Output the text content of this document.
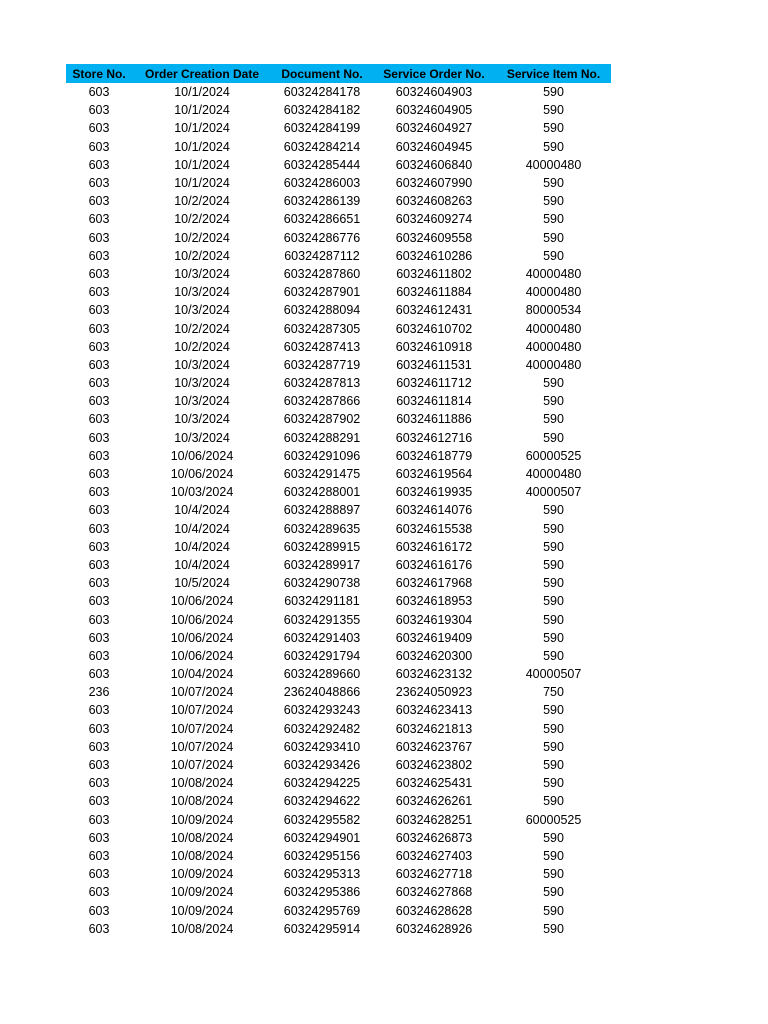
Store No.	Order Creation Date	Document No.	Service Order No.	Service Item No.
603	10/1/2024	60324284178	60324604903	590
603	10/1/2024	60324284182	60324604905	590
603	10/1/2024	60324284199	60324604927	590
603	10/1/2024	60324284214	60324604945	590
603	10/1/2024	60324285444	60324606840	40000480
603	10/1/2024	60324286003	60324607990	590
603	10/2/2024	60324286139	60324608263	590
603	10/2/2024	60324286651	60324609274	590
603	10/2/2024	60324286776	60324609558	590
603	10/2/2024	60324287112	60324610286	590
603	10/3/2024	60324287860	60324611802	40000480
603	10/3/2024	60324287901	60324611884	40000480
603	10/3/2024	60324288094	60324612431	80000534
603	10/2/2024	60324287305	60324610702	40000480
603	10/2/2024	60324287413	60324610918	40000480
603	10/3/2024	60324287719	60324611531	40000480
603	10/3/2024	60324287813	60324611712	590
603	10/3/2024	60324287866	60324611814	590
603	10/3/2024	60324287902	60324611886	590
603	10/3/2024	60324288291	60324612716	590
603	10/06/2024	60324291096	60324618779	60000525
603	10/06/2024	60324291475	60324619564	40000480
603	10/03/2024	60324288001	60324619935	40000507
603	10/4/2024	60324288897	60324614076	590
603	10/4/2024	60324289635	60324615538	590
603	10/4/2024	60324289915	60324616172	590
603	10/4/2024	60324289917	60324616176	590
603	10/5/2024	60324290738	60324617968	590
603	10/06/2024	60324291181	60324618953	590
603	10/06/2024	60324291355	60324619304	590
603	10/06/2024	60324291403	60324619409	590
603	10/06/2024	60324291794	60324620300	590
603	10/04/2024	60324289660	60324623132	40000507
236	10/07/2024	23624048866	23624050923	750
603	10/07/2024	60324293243	60324623413	590
603	10/07/2024	60324292482	60324621813	590
603	10/07/2024	60324293410	60324623767	590
603	10/07/2024	60324293426	60324623802	590
603	10/08/2024	60324294225	60324625431	590
603	10/08/2024	60324294622	60324626261	590
603	10/09/2024	60324295582	60324628251	60000525
603	10/08/2024	60324294901	60324626873	590
603	10/08/2024	60324295156	60324627403	590
603	10/09/2024	60324295313	60324627718	590
603	10/09/2024	60324295386	60324627868	590
603	10/09/2024	60324295769	60324628628	590
603	10/08/2024	60324295914	60324628926	590
